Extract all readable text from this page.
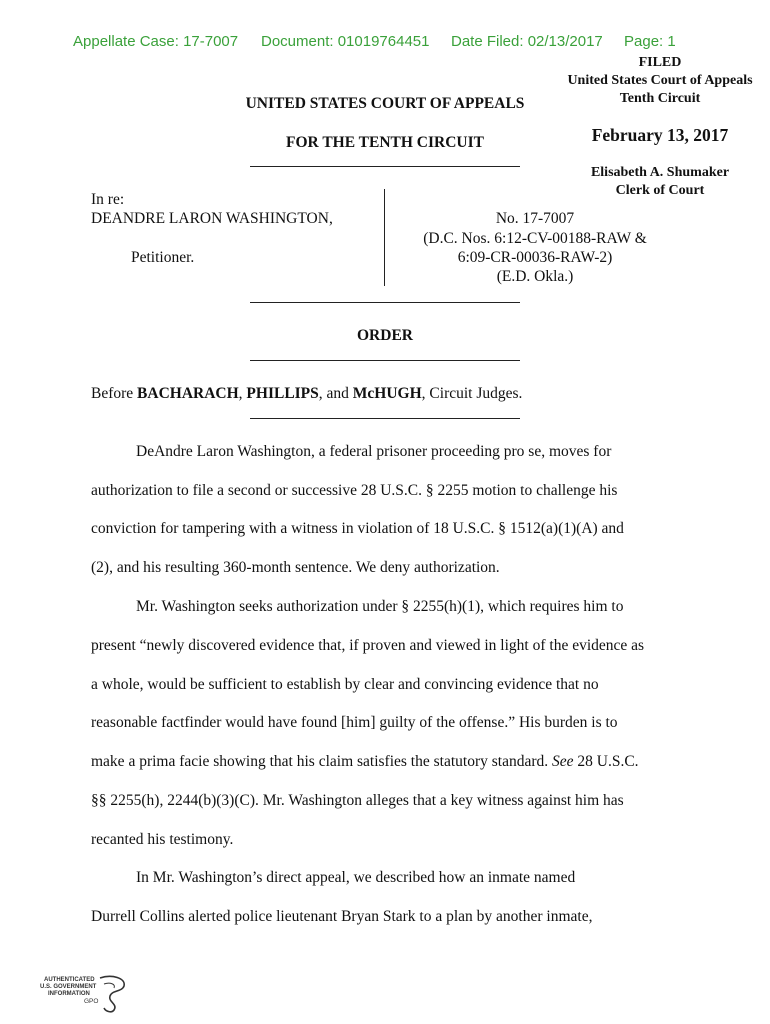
Appellate Case: 17-7007 Document: 01019764451 Date Filed: 02/13/2017 Page: 1
FILED
United States Court of Appeals
Tenth Circuit
February 13, 2017
Elisabeth A. Shumaker
Clerk of Court
UNITED STATES COURT OF APPEALS
FOR THE TENTH CIRCUIT
In re:
DEANDRE LARON WASHINGTON,
Petitioner.
No. 17-7007
(D.C. Nos. 6:12-CV-00188-RAW &
6:09-CR-00036-RAW-2)
(E.D. Okla.)
ORDER
Before BACHARACH, PHILLIPS, and McHUGH, Circuit Judges.
DeAndre Laron Washington, a federal prisoner proceeding pro se, moves for
authorization to file a second or successive 28 U.S.C. § 2255 motion to challenge his
conviction for tampering with a witness in violation of 18 U.S.C. § 1512(a)(1)(A) and
(2), and his resulting 360-month sentence. We deny authorization.
Mr. Washington seeks authorization under § 2255(h)(1), which requires him to
present “newly discovered evidence that, if proven and viewed in light of the evidence as
a whole, would be sufficient to establish by clear and convincing evidence that no
reasonable factfinder would have found [him] guilty of the offense.” His burden is to
make a prima facie showing that his claim satisfies the statutory standard. See 28 U.S.C.
§§ 2255(h), 2244(b)(3)(C). Mr. Washington alleges that a key witness against him has
recanted his testimony.
In Mr. Washington’s direct appeal, we described how an inmate named
Durrell Collins alerted police lieutenant Bryan Stark to a plan by another inmate,
AUTHENTICATED
U.S. GOVERNMENT
INFORMATION
GPO
